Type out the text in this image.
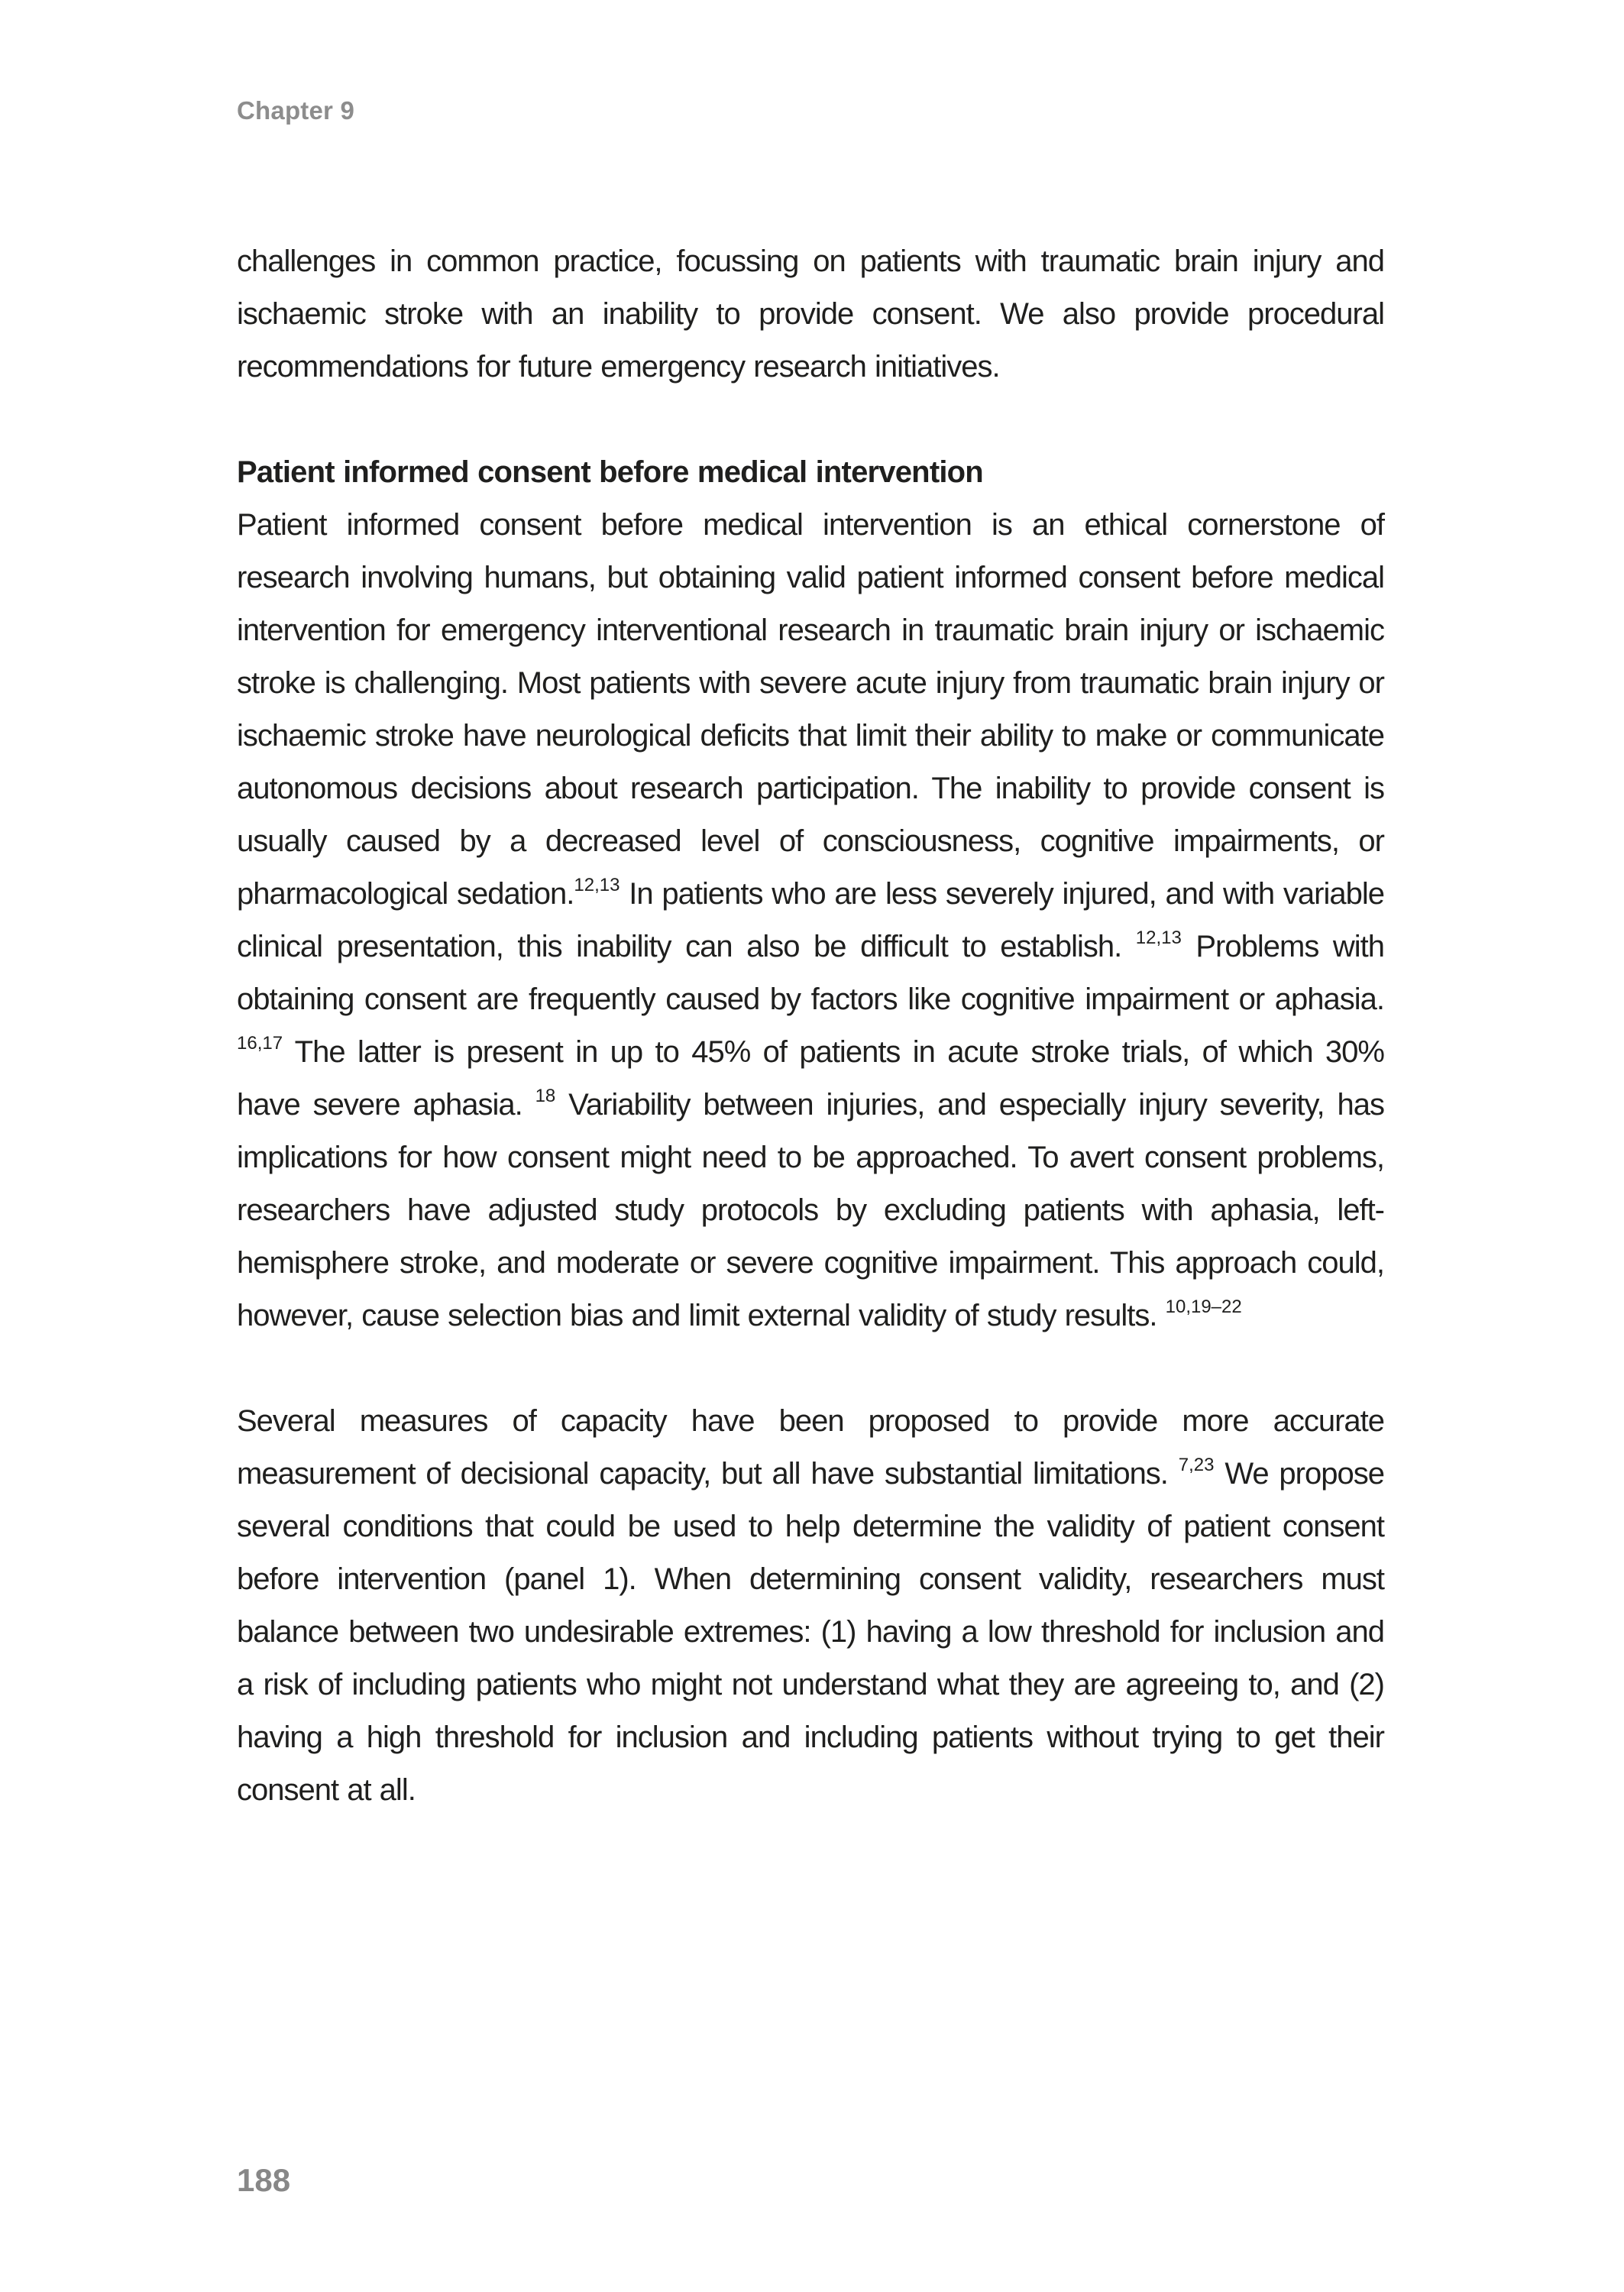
Chapter 9

challenges in common practice, focussing on patients with traumatic brain injury and ischaemic stroke with an inability to provide consent. We also provide procedural recommendations for future emergency research initiatives.

Patient informed consent before medical intervention

Patient informed consent before medical intervention is an ethical cornerstone of research involving humans, but obtaining valid patient informed consent before medical intervention for emergency interventional research in traumatic brain injury or ischaemic stroke is challenging. Most patients with severe acute injury from traumatic brain injury or ischaemic stroke have neurological deficits that limit their ability to make or communicate autonomous decisions about research participation. The inability to provide consent is usually caused by a decreased level of consciousness, cognitive impairments, or pharmacological sedation.$^{12,13}$ In patients who are less severely injured, and with variable clinical presentation, this inability can also be difficult to establish. $^{12,13}$ Problems with obtaining consent are frequently caused by factors like cognitive impairment or aphasia. $^{16,17}$ The latter is present in up to 45% of patients in acute stroke trials, of which 30% have severe aphasia. $^{18}$ Variability between injuries, and especially injury severity, has implications for how consent might need to be approached. To avert consent problems, researchers have adjusted study protocols by excluding patients with aphasia, left-hemisphere stroke, and moderate or severe cognitive impairment. This approach could, however, cause selection bias and limit external validity of study results. $^{10,19-22}$

Several measures of capacity have been proposed to provide more accurate measurement of decisional capacity, but all have substantial limitations. $^{7,23}$ We propose several conditions that could be used to help determine the validity of patient consent before intervention (panel 1). When determining consent validity, researchers must balance between two undesirable extremes: (1) having a low threshold for inclusion and a risk of including patients who might not understand what they are agreeing to, and (2) having a high threshold for inclusion and including patients without trying to get their consent at all.

188
